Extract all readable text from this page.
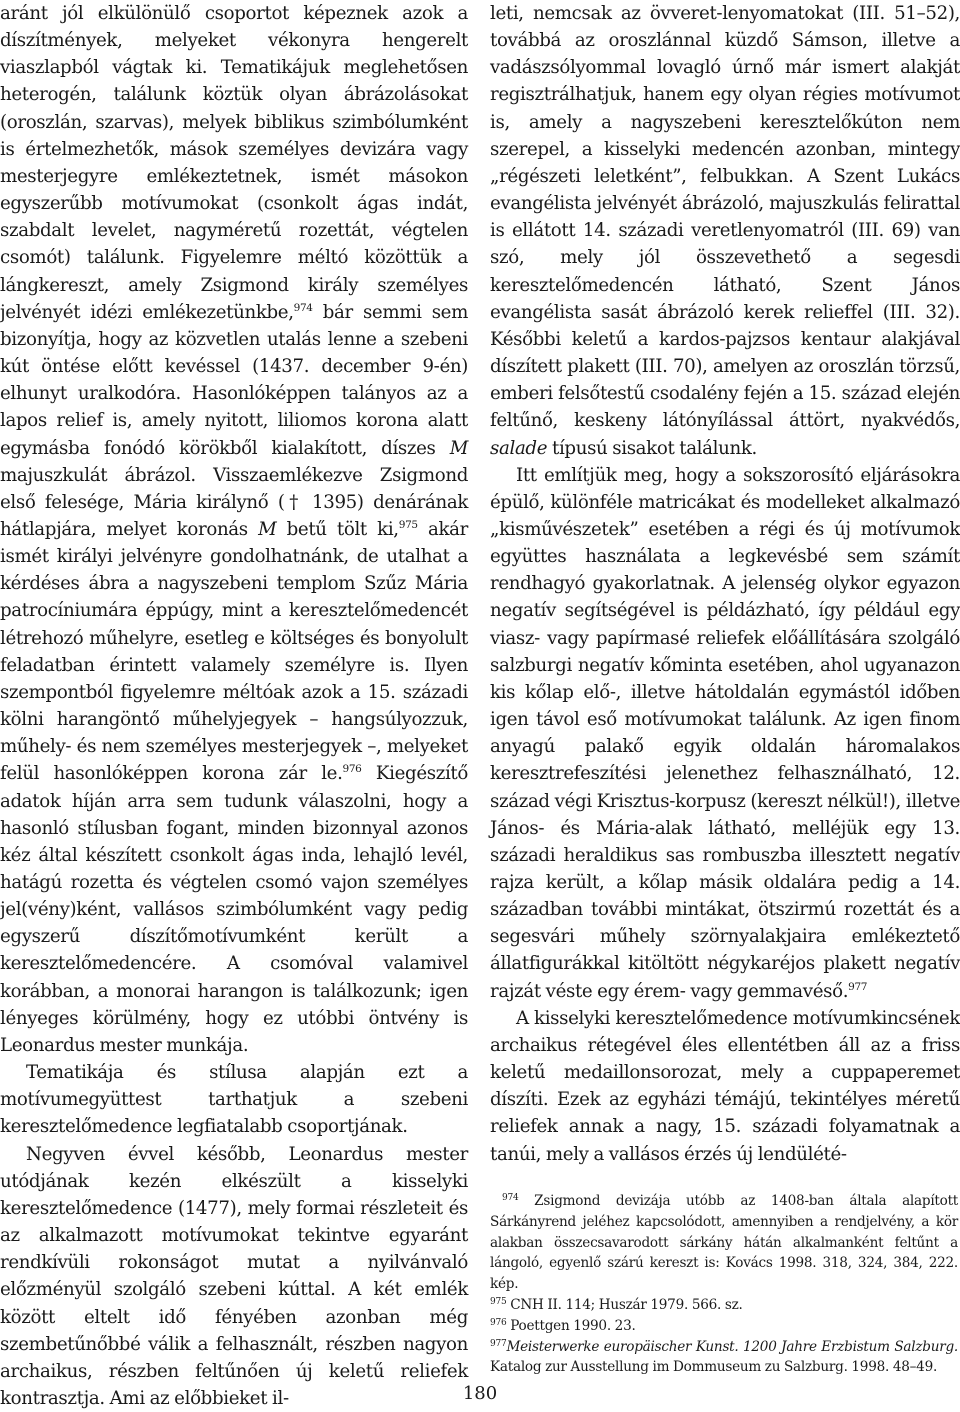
aránt jól elkülönülő csoportot képeznek azok a díszítmények, melyeket vékonyra hengerelt viaszlapból vágtak ki. Tematikájuk meglehetősen heterogén, találunk köztük olyan ábrázolásokat (oroszlán, szarvas), melyek biblikus szimbólumként is értelmezhetők, mások személyes devizára vagy mesterjegyre emlékeztetnek, ismét másokon egyszerűbb motívumokat (csonkolt ágas indát, szabdalt levelet, nagyméretű rozettát, végtelen csomót) találunk. Figyelemre méltó közöttük a lángkereszt, amely Zsigmond király személyes jelvényét idézi emlékezetünkbe,$^{974}$ bár semmi sem bizonyítja, hogy az közvetlen utalás lenne a szebeni kút öntése előtt kevéssel (1437. december 9-én) elhunyt uralkodóra. Hasonlóképpen talányos az a lapos relief is, amely nyitott, liliomos korona alatt egymásba fonódó körökből kialakított, díszes M majuszkulát ábrázol. Visszaemlékezve Zsigmond első felesége, Mária királynő († 1395) denárának hátlapjára, melyet koronás M betű tölt ki,$^{975}$ akár ismét királyi jelvényre gondolhatnánk, de utalhat a kérdéses ábra a nagyszebeni templom Szűz Mária patrocíniumára éppúgy, mint a keresztelőmedencét létrehozó műhelyre, esetleg e költséges és bonyolult feladatban érintett valamely személyre is. Ilyen szempontból figyelemre méltóak azok a 15. századi kölni harangöntő műhelyjegyek – hangsúlyozzuk, műhely- és nem személyes mesterjegyek –, melyeket felül hasonlóképpen korona zár le.$^{976}$ Kiegészítő adatok híján arra sem tudunk válaszolni, hogy a hasonló stílusban fogant, minden bizonnyal azonos kéz által készített csonkolt ágas inda, lehajló levél, hatágú rozetta és végtelen csomó vajon személyes jel(vény)ként, vallásos szimbólumként vagy pedig egyszerű díszítőmotívumként került a keresztelőmedencére. A csomóval valamivel korábban, a monorai harangon is találkozunk; igen lényeges körülmény, hogy ez utóbbi öntvény is Leonardus mester munkája.

Tematikája és stílusa alapján ezt a motívumegyüttest tarthatjuk a szebeni keresztelőmedence legfiatalabb csoportjának.

Negyven évvel később, Leonardus mester utódjának kezén elkészült a kisselyki keresztelőmedence (1477), mely formai részleteit és az alkalmazott motívumokat tekintve egyaránt rendkívüli rokonságot mutat a nyilvánvaló előzményül szolgáló szebeni kúttal. A két emlék között eltelt idő fényében azonban még szembetűnőbbé válik a felhasznált, részben nagyon archaikus, részben feltűnően új keletű reliefek kontrasztja. Ami az előbbieket il-

leti, nemcsak az övveret-lenyomatokat (III. 51–52), továbbá az oroszlánnal küzdő Sámson, illetve a vadászsólyommal lovagló úrnő már ismert alakját regisztrálhatjuk, hanem egy olyan régies motívumot is, amely a nagyszebeni keresztelőkúton nem szerepel, a kisselyki medencén azonban, mintegy „régészeti leletként”, felbukkan. A Szent Lukács evangélista jelvényét ábrázoló, majuszkulás felirattal is ellátott 14. századi veretlenyomatról (III. 69) van szó, mely jól összevethető a segesdi keresztelőmedencén látható, Szent János evangélista sasát ábrázoló kerek relieffel (III. 32). Későbbi keletű a kardos-pajzsos kentaur alakjával díszített plakett (III. 70), amelyen az oroszlán törzsű, emberi felsőtestű csodalény fején a 15. század elején feltűnő, keskeny látónyílással áttört, nyakvédős, salade típusú sisakot találunk.

Itt említjük meg, hogy a sokszorosító eljárásokra épülő, különféle matricákat és modelleket alkalmazó „kisművészetek” esetében a régi és új motívumok együttes használata a legkevésbé sem számít rendhagyó gyakorlatnak. A jelenség olykor egyazon negatív segítségével is példázható, így például egy viasz- vagy papírmasé reliefek előállítására szolgáló salzburgi negatív kőminta esetében, ahol ugyanazon kis kőlap elő-, illetve hátoldalán egymástól időben igen távol eső motívumokat találunk. Az igen finom anyagú palakő egyik oldalán háromalakos keresztrefeszítési jelenethez felhasználható, 12. század végi Krisztus-korpusz (kereszt nélkül!), illetve János- és Mária-alak látható, melléjük egy 13. századi heraldikus sas rombuszba illesztett negatív rajza került, a kőlap másik oldalára pedig a 14. században további mintákat, ötszirmú rozettát és a segesvári műhely szörnyalakjaira emlékeztető állatfigurákkal kitöltött négykaréjos plakett negatív rajzát véste egy érem- vagy gemmavéső.$^{977}$

A kisselyki keresztelőmedence motívumkincsének archaikus rétegével éles ellentétben áll az a friss keletű medaillonsorozat, mely a cuppaperemet díszíti. Ezek az egyházi témájú, tekintélyes méretű reliefek annak a nagy, 15. századi folyamatnak a tanúi, mely a vallásos érzés új lendülété-

$^{974}$ Zsigmond devizája utóbb az 1408-ban általa alapított Sárkányrend jeléhez kapcsolódott, amennyiben a rendjelvény, a kör alakban összecsavarodott sárkány hátán alkalmanként feltűnt a lángoló, egyenlő szárú kereszt is: Kovács 1998. 318, 324, 384, 222. kép.

$^{975}$ CNH II. 114; Huszár 1979. 566. sz.

$^{976}$ Poettgen 1990. 23.

$^{977}$Meisterwerke europäischer Kunst. 1200 Jahre Erzbistum Salzburg. Katalog zur Ausstellung im Dommuseum zu Salzburg. 1998. 48–49.

180
